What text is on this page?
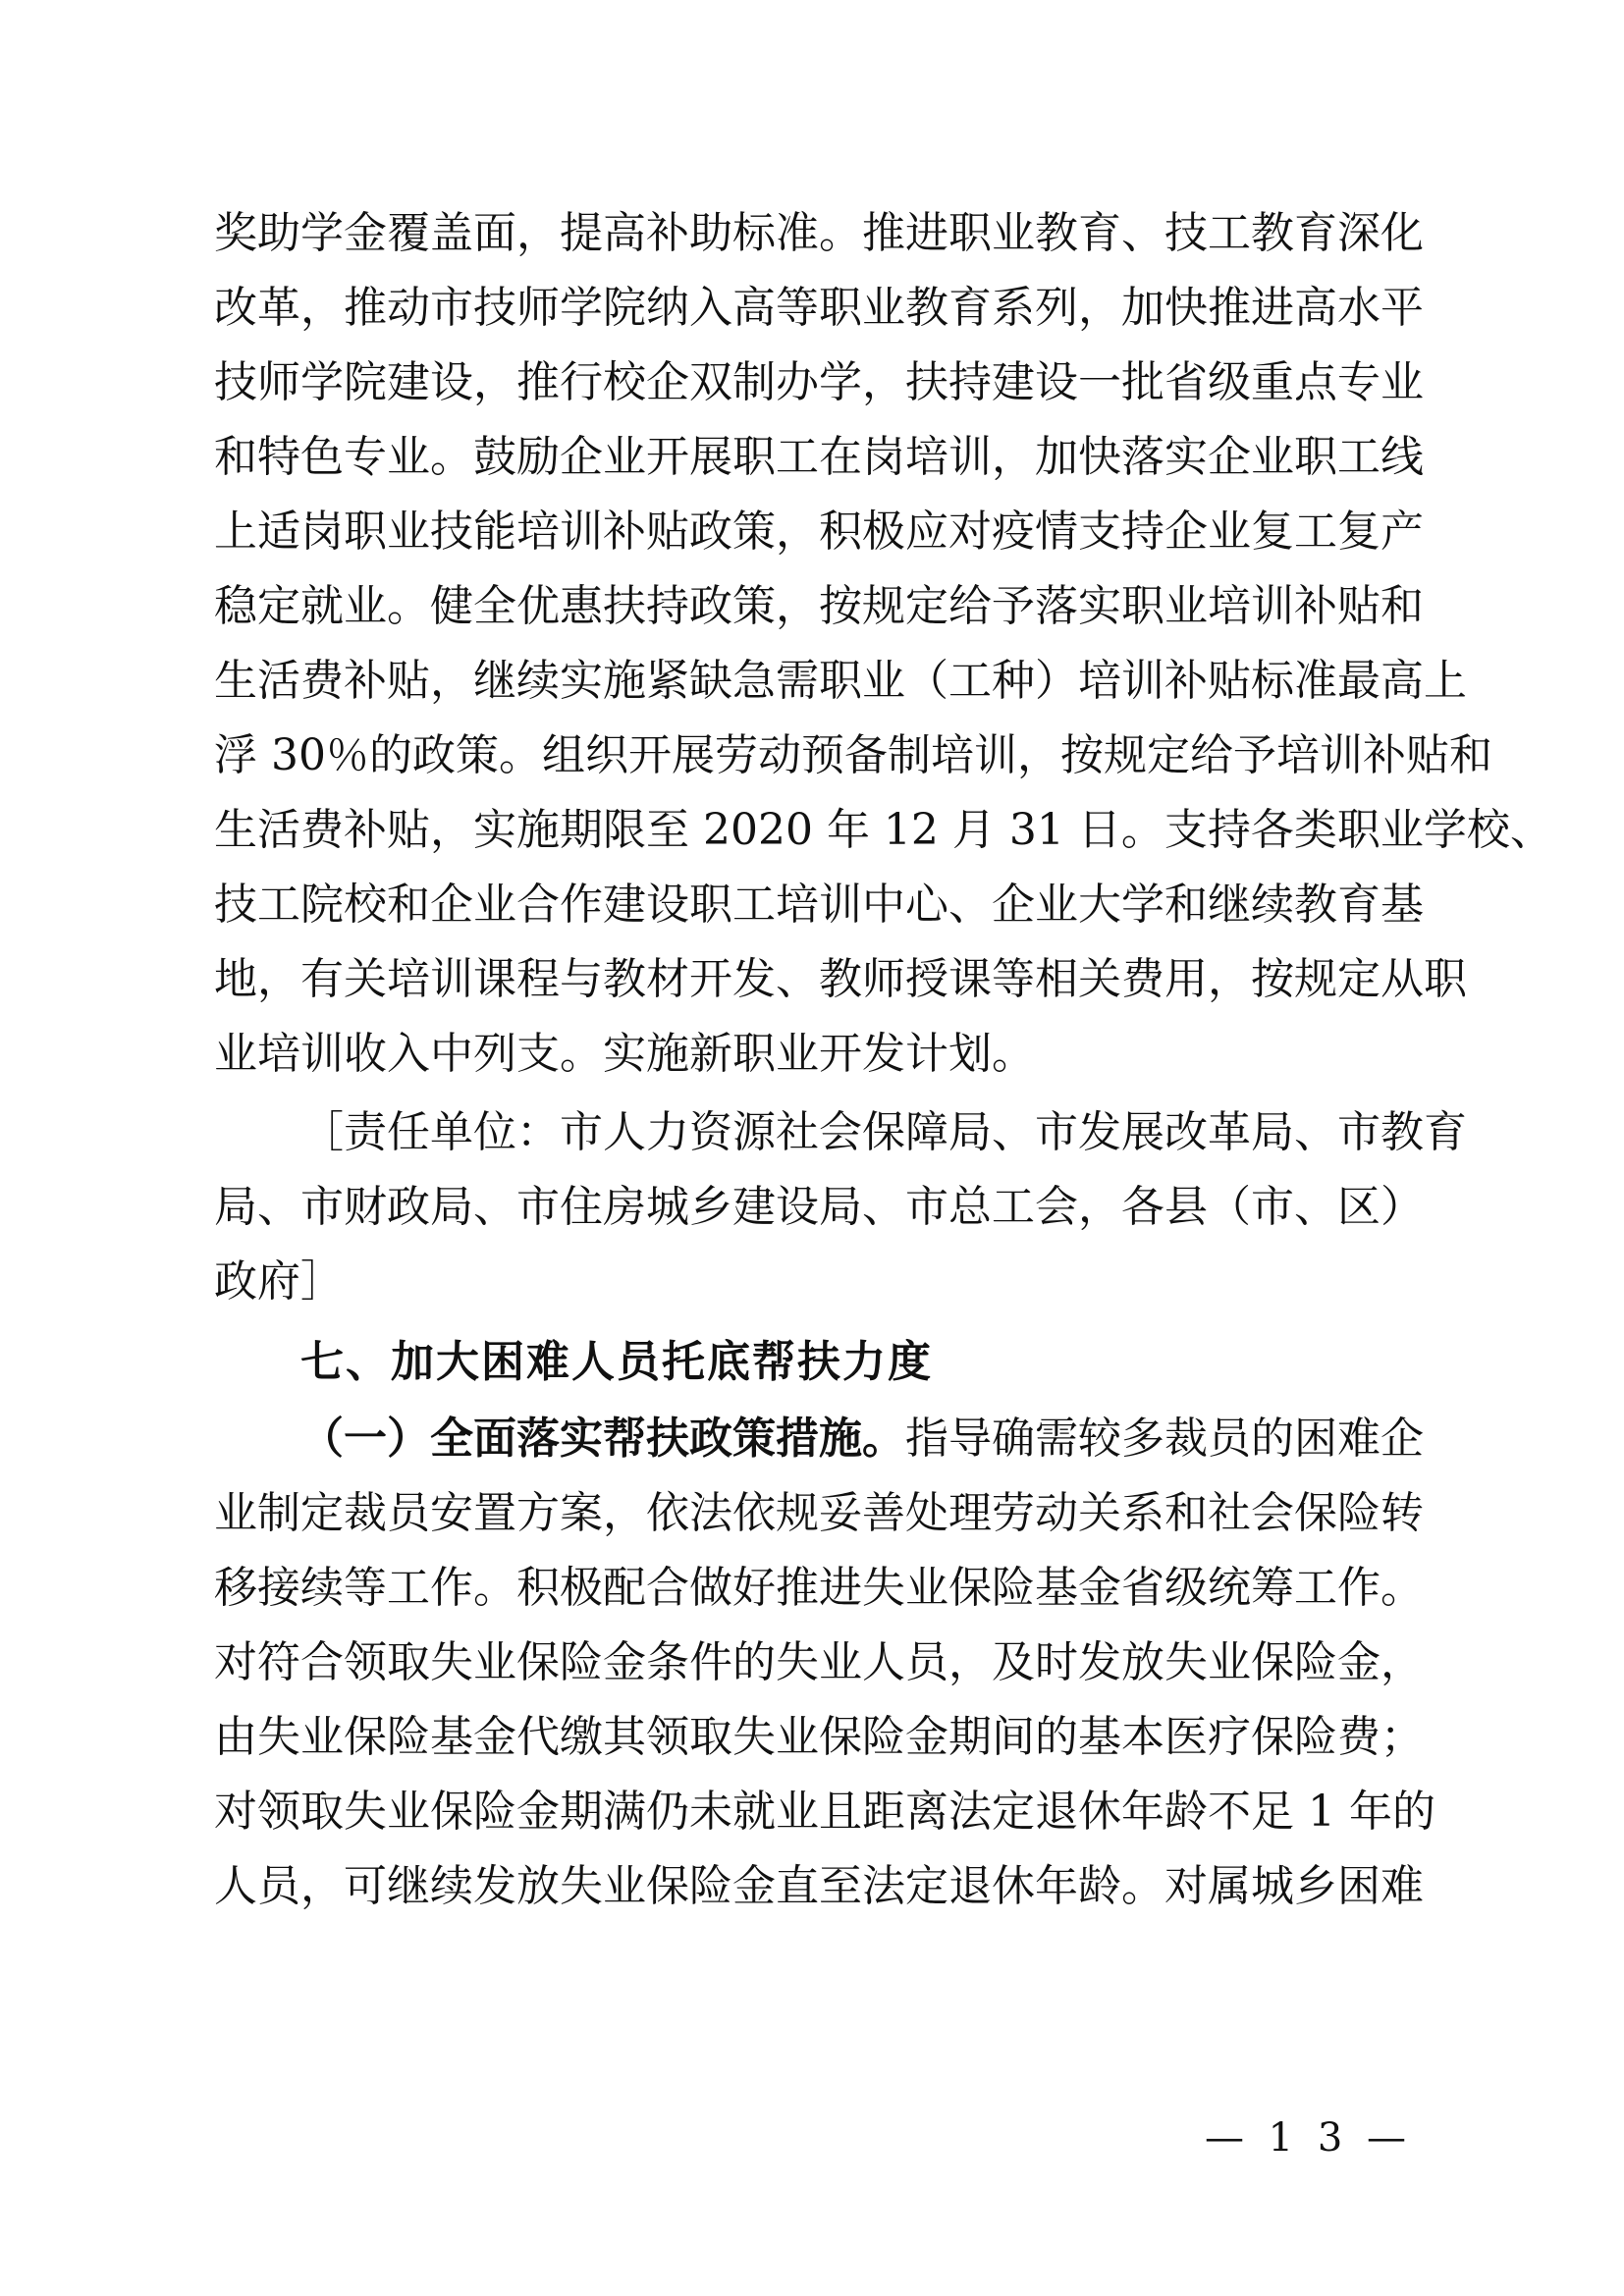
奖助学金覆盖面，提高补助标准。推进职业教育、技工教育深化
改革，推动市技师学院纳入高等职业教育系列，加快推进高水平
技师学院建设，推行校企双制办学，扶持建设一批省级重点专业
和特色专业。鼓励企业开展职工在岗培训，加快落实企业职工线
上适岗职业技能培训补贴政策，积极应对疫情支持企业复工复产
稳定就业。健全优惠扶持政策，按规定给予落实职业培训补贴和
生活费补贴，继续实施紧缺急需职业（工种）培训补贴标准最高上
浮 30％的政策。组织开展劳动预备制培训，按规定给予培训补贴和
生活费补贴，实施期限至 2020 年 12 月 31 日。支持各类职业学校、
技工院校和企业合作建设职工培训中心、企业大学和继续教育基
地，有关培训课程与教材开发、教师授课等相关费用，按规定从职
业培训收入中列支。实施新职业开发计划。
［责任单位：市人力资源社会保障局、市发展改革局、市教育
局、市财政局、市住房城乡建设局、市总工会，各县（市、区）
政府］
七、加大困难人员托底帮扶力度
（一）全面落实帮扶政策措施。指导确需较多裁员的困难企
业制定裁员安置方案，依法依规妥善处理劳动关系和社会保险转
移接续等工作。积极配合做好推进失业保险基金省级统筹工作。
对符合领取失业保险金条件的失业人员，及时发放失业保险金，
由失业保险基金代缴其领取失业保险金期间的基本医疗保险费；
对领取失业保险金期满仍未就业且距离法定退休年龄不足 1 年的
人员，可继续发放失业保险金直至法定退休年龄。对属城乡困难
— 1 3 —
